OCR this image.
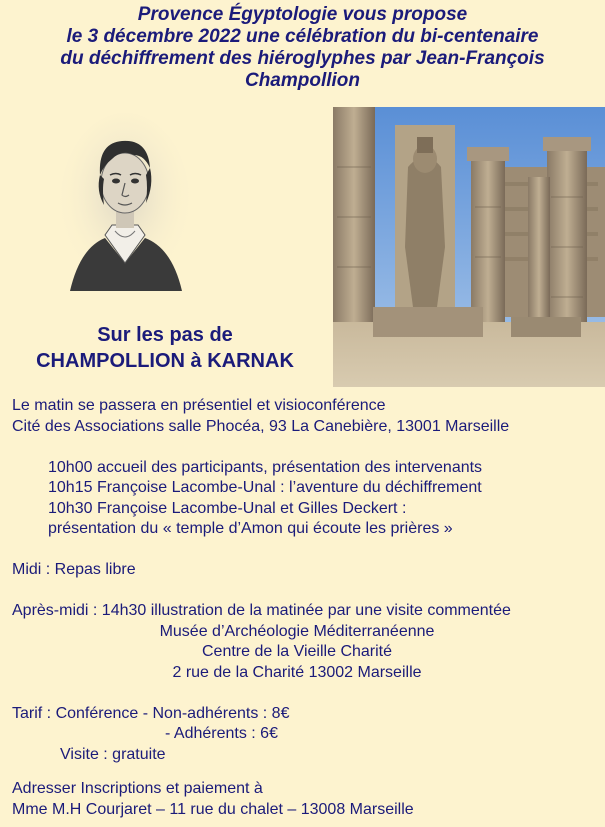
Provence Égyptologie vous propose
le 3 décembre 2022 une célébration du bi-centenaire
du déchiffrement des hiéroglyphes par Jean-François
Champollion
Sur les pas de
CHAMPOLLION à KARNAK
Le matin se passera en présentiel et visioconférence
Cité des Associations salle Phocéa, 93 La Canebière, 13001 Marseille
10h00 accueil des participants, présentation des intervenants
10h15 Françoise Lacombe-Unal : l’aventure du déchiffrement
10h30 Françoise Lacombe-Unal et Gilles Deckert :
présentation du « temple d’Amon qui écoute les prières »
Midi : Repas libre
Après-midi : 14h30 illustration de la matinée par une visite commentée
Musée d’Archéologie Méditerranéenne
Centre de la Vieille Charité
2 rue de la Charité 13002 Marseille
Tarif : Conférence - Non-adhérents : 8€
- Adhérents : 6€
Visite : gratuite
Adresser Inscriptions et paiement à
Mme M.H Courjaret – 11 rue du chalet – 13008 Marseille
